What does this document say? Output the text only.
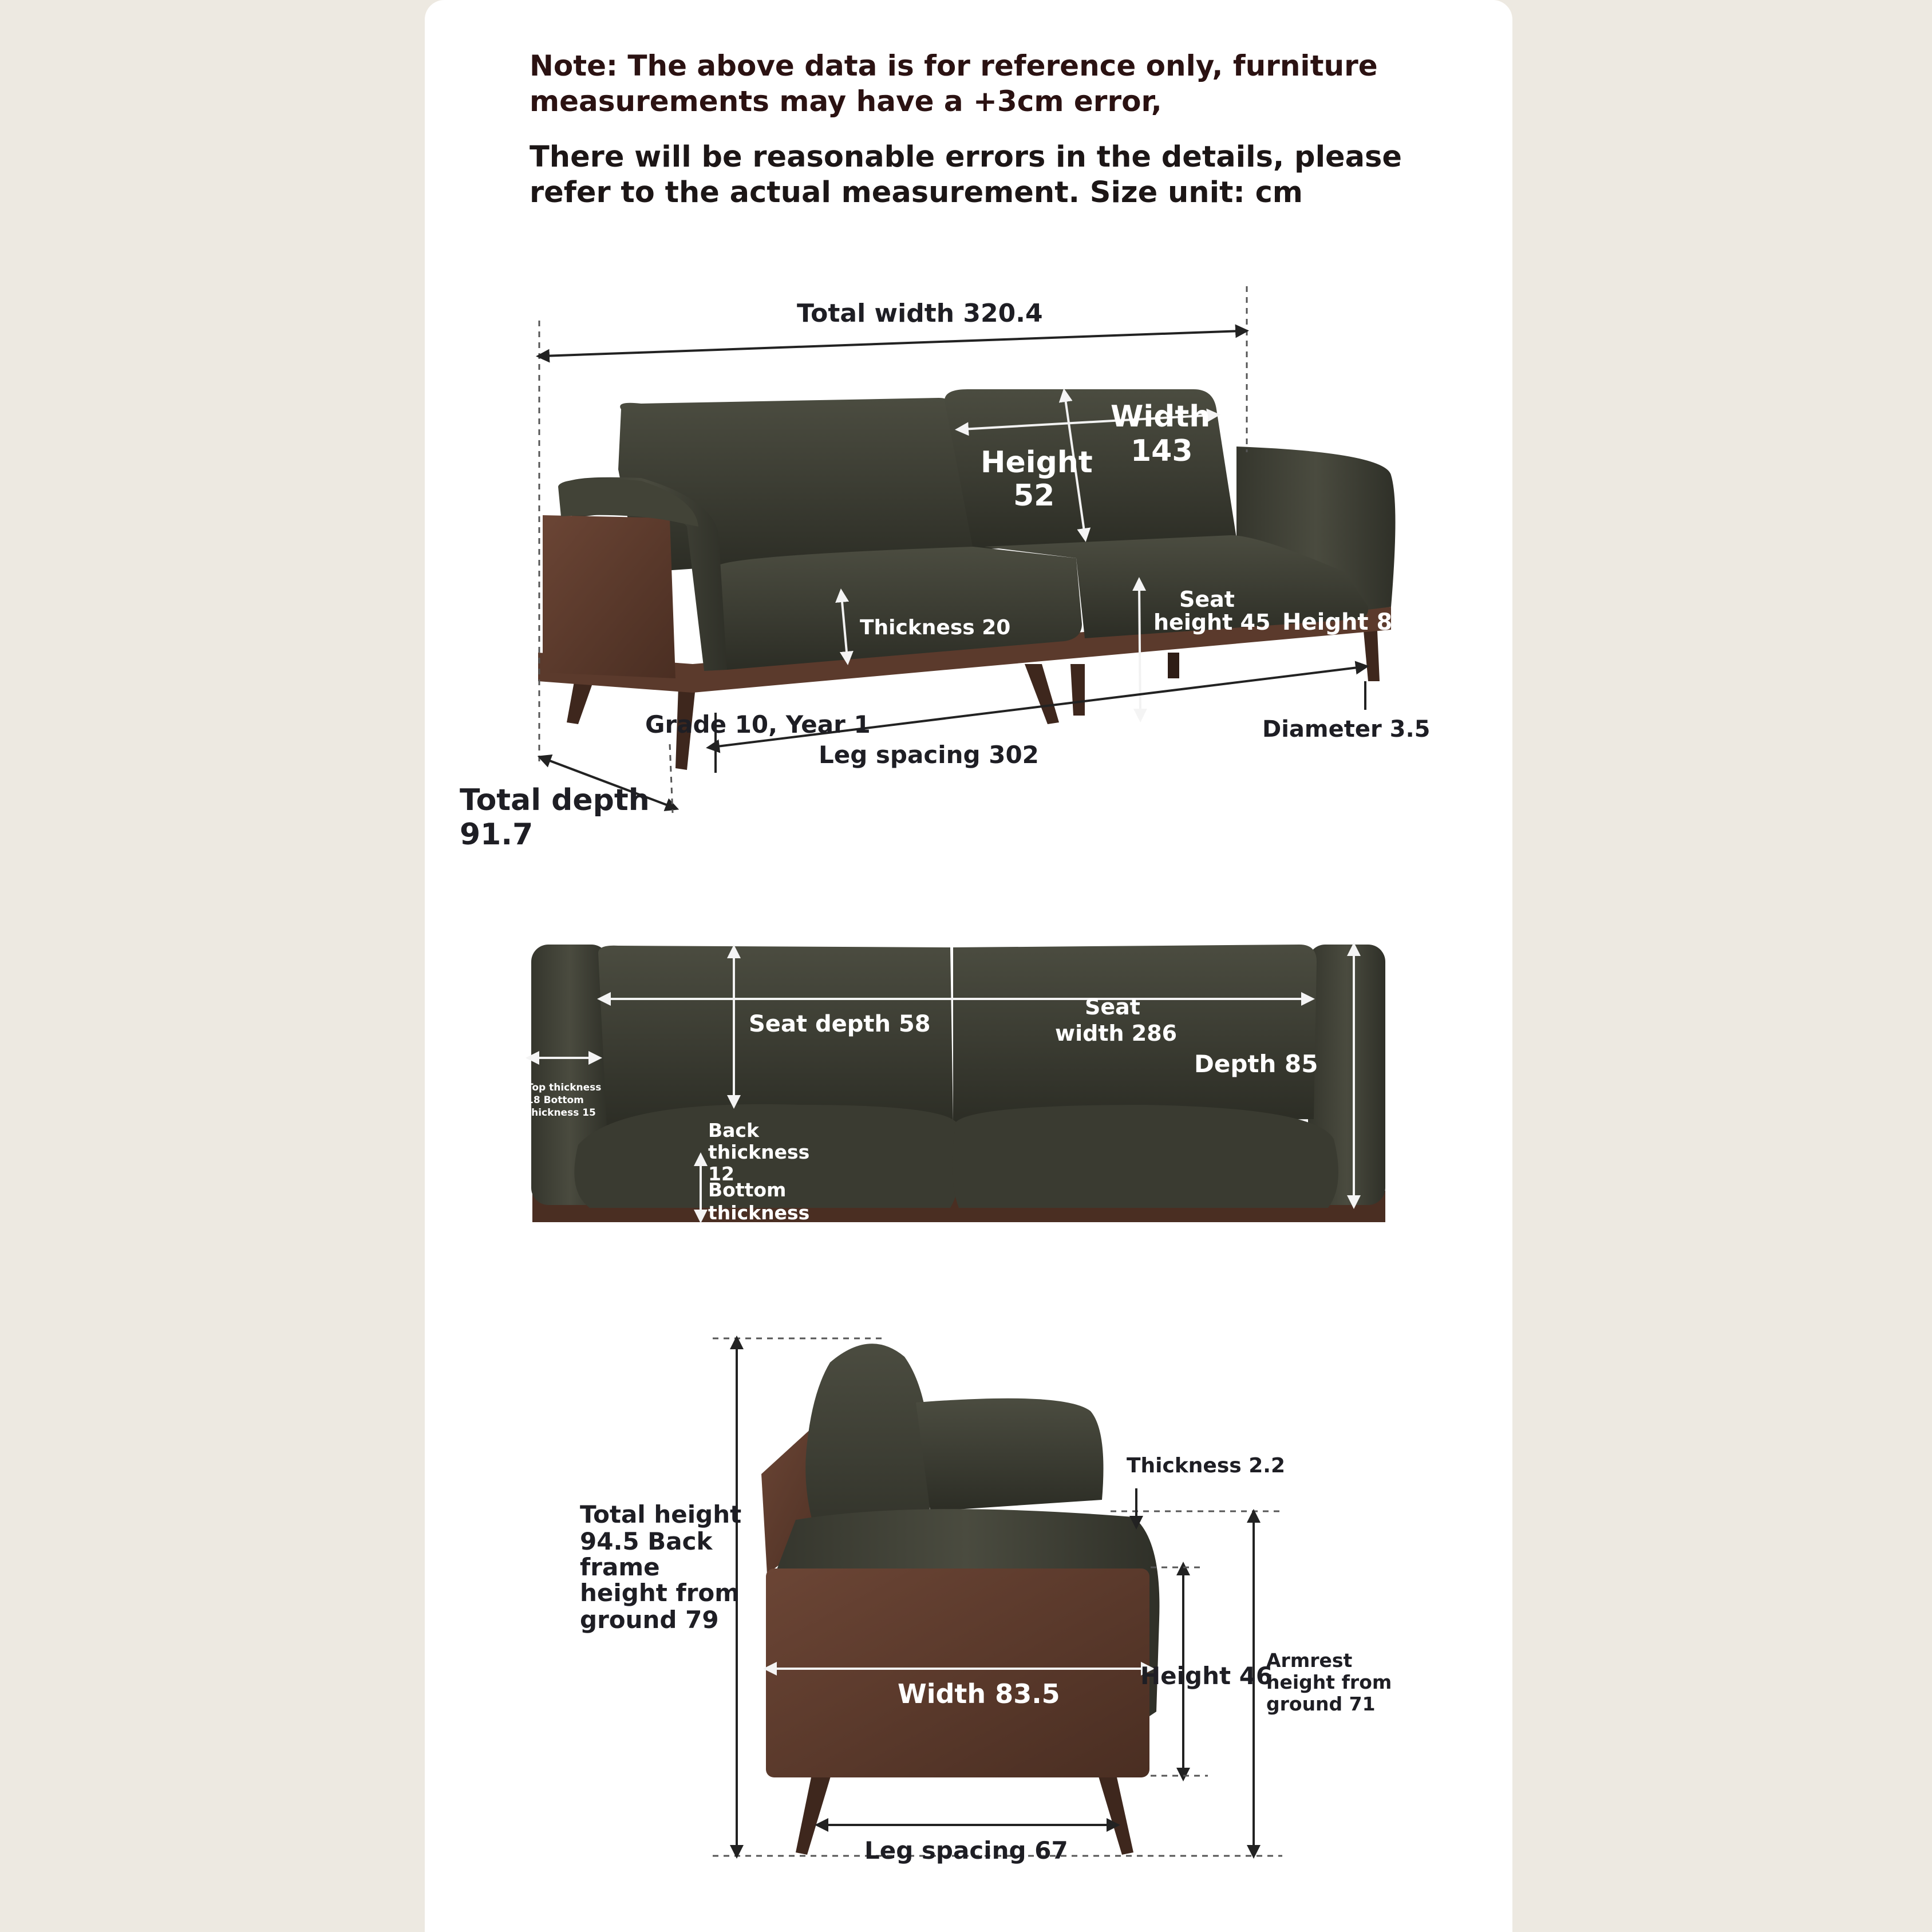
Note: The above data is for reference only, furniture measurements may have a +3cm error,

There will be reasonable errors in the details, please refer to the actual measurement. Size unit: cm

Total width 320.4
Width
143
Height
52
Thickness 20
Seat
height 45 Height 8
Grade 10, Year 1
Leg spacing 302
Diameter 3.5
Total depth
91.7
Seat depth 58
Seat
width 286
Depth 85
Top thickness
18 Bottom
thickness 15
Back
thickness
12
Bottom
thickness
Total height
94.5 Back
frame
height from
ground 79
Thickness 2.2
Width 83.5
Height 46
Armrest
height from
ground 71
Leg spacing 67
